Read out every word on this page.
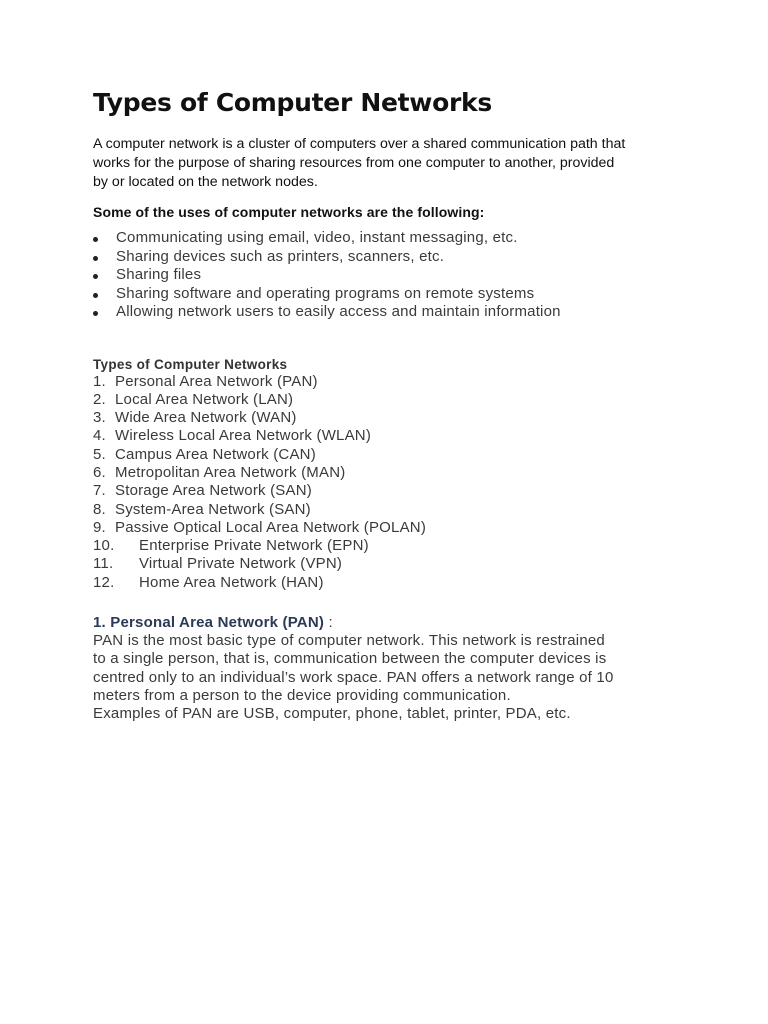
Types of Computer Networks

A computer network is a cluster of computers over a shared communication path that
works for the purpose of sharing resources from one computer to another, provided
by or located on the network nodes.

Some of the uses of computer networks are the following:

Communicating using email, video, instant messaging, etc.
Sharing devices such as printers, scanners, etc.
Sharing files
Sharing software and operating programs on remote systems
Allowing network users to easily access and maintain information

Types of Computer Networks

1. Personal Area Network (PAN)
2. Local Area Network (LAN)
3. Wide Area Network (WAN)
4. Wireless Local Area Network (WLAN)
5. Campus Area Network (CAN)
6. Metropolitan Area Network (MAN)
7. Storage Area Network (SAN)
8. System-Area Network (SAN)
9. Passive Optical Local Area Network (POLAN)
10.	Enterprise Private Network (EPN)
11.	Virtual Private Network (VPN)
12.	Home Area Network (HAN)

1. Personal Area Network (PAN) :

PAN is the most basic type of computer network. This network is restrained
to a single person, that is, communication between the computer devices is
centred only to an individual’s work space. PAN offers a network range of 10
meters from a person to the device providing communication.
Examples of PAN are USB, computer, phone, tablet, printer, PDA, etc.
